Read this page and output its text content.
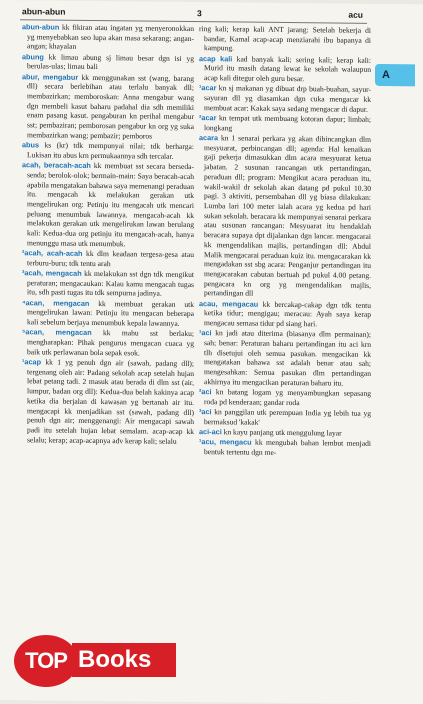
abun-abun	3	acu

abun-abun kk fikiran atau ingatan yg menyeronokkan yg menyebabkan seo lupa akan masa sekarang; angan-angan; khayalan

abung kk limau abung sj limau besar dgn isi yg berulas-ulas; limau bali

abur, mengabur kk menggunakan sst (wang, barang dll) secara berlebihan atau terlalu banyak dll; membazirkan; memboroskan: Anna mengabur wang dgn membeli kasut baharu padahal dia sdh memiliki enam pasang kasut. pengaburan kn perihal mengabur sst; pembaziran; pemborosan pengabur kn org yg suka membazirkan wang; pembazir; pemboros

abus ks (kr) tdk mempunyai nilai; tdk berharga: Lukisan itu abus krn permukaannya sdh tercalar.

acah, beracah-acah kk membuat sst secara berseda-senda; berolok-olok; bermain-main: Saya beracah-acah apabila mengatakan bahawa saya memenangi peraduan itu. mengacah kk melakukan gerakan utk mengelirukan org: Petinju itu mengacah utk mencari peluang menumbuk lawannya. mengacah-acah kk melakukan gerakan utk mengelirukan lawan berulang kali: Kedua-dua org petinju itu mengacah-acah, hanya menunggu masa utk menumbuk.

²acah, acah-acah kk dlm keadaan tergesa-gesa atau terburu-buru; tdk tentu arah

³acah, mengacah kk melakukan sst dgn tdk mengikut peraturan; mengacaukan: Kalau kamu mengacah tugas itu, sdh pasti tugas itu tdk sempurna jadinya.

⁴acan, mengacan kk membuat gerakan utk mengelirukan lawan: Petinju itu mengacan beberapa kali sebelum berjaya menumbuk kepala lawannya.

⁵acan, mengacan kk mahu sst berlaku; mengharapkan: Pihak pengurus mengacan cuaca yg baik utk perlawanan bola sepak esok.

¹acap kk 1 yg penuh dgn air (sawah, padang dll); tergenang oleh air: Padang sekolah acap setelah hujan lebat petang tadi. 2 masuk atau berada di dlm sst (air, lumpur, badan org dll): Kedua-dua belah kakinya acap ketika dia berjalan di kawasan yg bertanah air itu. mengacapi kk menjadikan sst (sawah, padang dll) penuh dgn air; menggenangi: Air mengacapi sawah padi itu setelah hujan lebat semalam. acap-acap kk selalu; kerap; acap-acapnya adv kerap kali; selalu

ring kali; kerap kali ANT jarang: Setelah bekerja di bandar, Kamal acap-acap menziarahi ibu bapanya di kampung.

acap kali kad banyak kali; sering kali; kerap kali: Murid itu masih datang lewat ke sekolah walaupun acap kali ditegur oleh guru besar.

¹acar kn sj makanan yg dibuat drp buah-buahan, sayur-sayuran dll yg diasamkan dgn cuka mengacar kk membuat acar: Kakak saya sedang mengacar di dapur.

²acar kn tempat utk membuang kotoran dapur; limbah; longkang

acara kn 1 senarai perkara yg akan dibincangkan dlm mesyuarat, perbincangan dll; agenda: Hal kenaikan gaji pekerja dimasukkan dlm acara mesyuarat ketua jabatan. 2 susunan rancangan utk pertandingan, peraduan dll; program: Mengikut acara peraduan itu, wakil-wakil dr sekolah akan datang pd pukul 10.30 pagi. 3 aktiviti, persembahan dll yg biasa dilakukan: Lumba lari 100 meter ialah acara yg kedua pd hari sukan sekolah. beracara kk mempunyai senarai perkara atau susunan rancangan: Mesyuarat itu hendaklah beracara supaya dpt dijalankan dgn lancar. mengacarai kk mengendalikan majlis, pertandingan dll: Abdul Malik mengacarai peraduan kuiz itu. mengacarakan kk mengadakan sst sbg acara: Penganjur pertandingan itu mengacarakan cabutan bertuah pd pukul 4.00 petang. pengacara kn org yg mengendalikan majlis, pertandingan dll

acau, mengacau kk bercakap-cakap dgn tdk tentu ketika tidur; mengigau; meracau: Ayah saya kerap mengacau semasa tidur pd siang hari.

¹aci kn jadi atau diterima (biasanya dlm permainan); sah; benar: Peraturan baharu pertandingan itu aci krn tlh disetujui oleh semua pasukan. mengacikan kk mengatakan bahawa sst adalah benar atau sah; mengesahkan: Semua pasukan dlm pertandingan akhirnya itu mengacikan peraturan baharu itu.

²aci kn batang logam yg menyambungkan sepasang roda pd kenderaan; gandar roda

³aci kn panggilan utk perempuan India yg lebih tua yg bermaksud 'kakak'

aci-aci kn kayu panjang utk menggulung layar

¹acu, mengacu kk mengubah bahan lembut menjadi bentuk tertentu dgn me-

A
TOP Books
